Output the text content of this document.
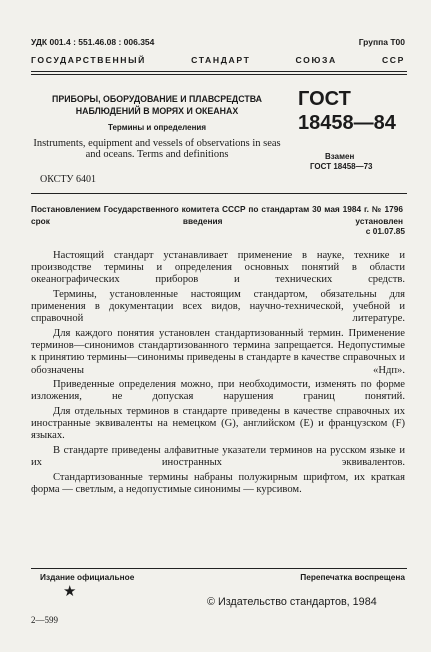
УДК 001.4 : 551.46.08 : 006.354	Группа Т00
ГОСУДАРСТВЕННЫЙ СТАНДАРТ СОЮЗА ССР
ПРИБОРЫ, ОБОРУДОВАНИЕ И ПЛАВСРЕДСТВА НАБЛЮДЕНИЙ В МОРЯХ И ОКЕАНАХ
Термины и определения
Instruments, equipment and vessels of observations in seas and oceans. Terms and definitions
ГОСТ
18458—84
Взамен
ГОСТ 18458—73
ОКСТУ 6401
Постановлением Государственного комитета СССР по стандартам 30 мая 1984 г. № 1796 срок введения установлен
с 01.07.85

Настоящий стандарт устанавливает применение в науке, технике и производстве термины и определения основных понятий в области океанографических приборов и технических средств.

Термины, установленные настоящим стандартом, обязательны для применения в документации всех видов, научно-технической, учебной и справочной литературе.

Для каждого понятия установлен стандартизованный термин. Применение терминов—синонимов стандартизованного термина запрещается. Недопустимые к принятию термины—синонимы приведены в стандарте в качестве справочных и обозначены «Ндп».

Приведенные определения можно, при необходимости, изменять по форме изложения, не допуская нарушения границ понятий.

Для отдельных терминов в стандарте приведены в качестве справочных их иностранные эквиваленты на немецком (G), английском (E) и французском (F) языках.

В стандарте приведены алфавитные указатели терминов на русском языке и их иностранных эквивалентов.

Стандартизованные термины набраны полужирным шрифтом, их краткая форма — светлым, а недопустимые синонимы — курсивом.

Издание официальное	Перепечатка воспрещена
★
© Издательство стандартов, 1984
2—599
